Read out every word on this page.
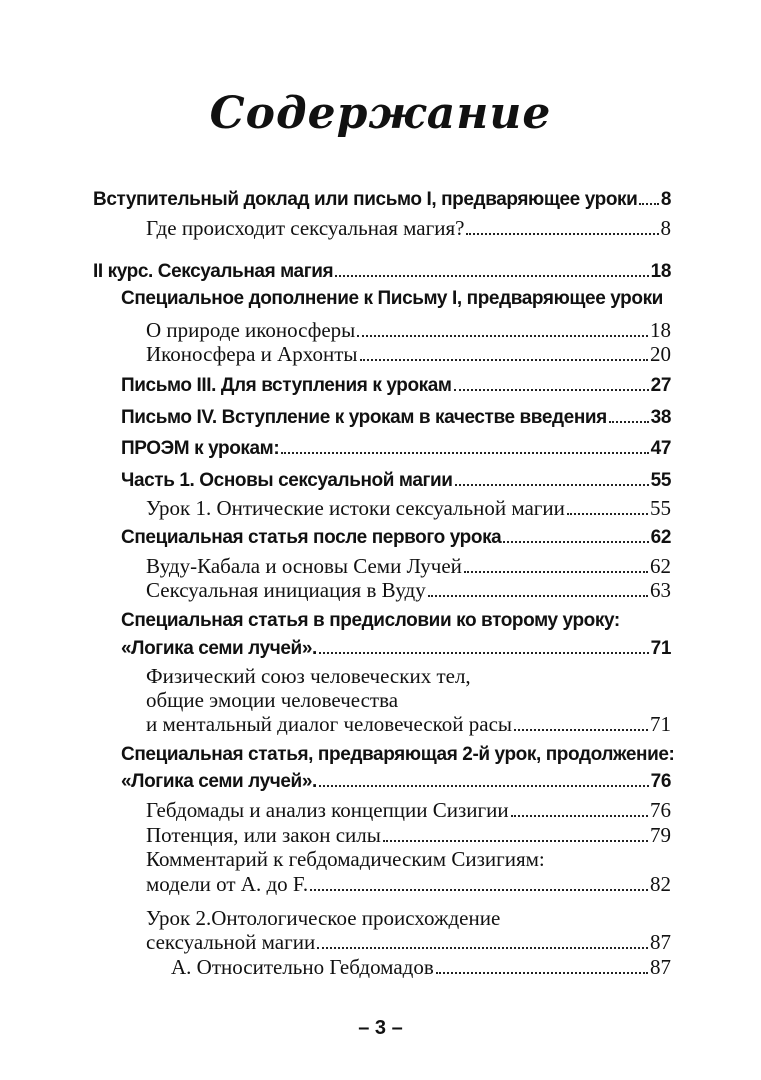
Содержание
Вступительный доклад или письмо I, предваряющее уроки 8
Где происходит сексуальная магия?	8
II курс. Сексуальная магия	18
Специальное дополнение к Письму I, предваряющее уроки
О природе иконосферы	18
Иконосфера и Архонты	20
Письмо III. Для вступления к урокам	27
Письмо IV. Вступление к урокам в качестве введения 38
ПРОЭМ к урокам:	47
Часть 1. Основы сексуальной магии	55
Урок 1. Онтические истоки сексуальной магии	55
Специальная статья после первого урока	62
Вуду-Кабала и основы Семи Лучей	62
Сексуальная инициация в Вуду	63
Специальная статья в предисловии ко второму уроку:
«Логика семи лучей».	71
Физический союз человеческих тел,
общие эмоции человечества
и ментальный диалог человеческой расы	71
Специальная статья, предваряющая 2-й урок, продолжение:
«Логика семи лучей».	76
Гебдомады и анализ концепции Сизигии	76
Потенция, или закон силы	79
Комментарий к гебдомадическим Сизигиям:
модели от А. до F.	82
Урок 2.Онтологическое происхождение
сексуальной магии	87
А. Относительно Гебдомадов	87
– 3 –
